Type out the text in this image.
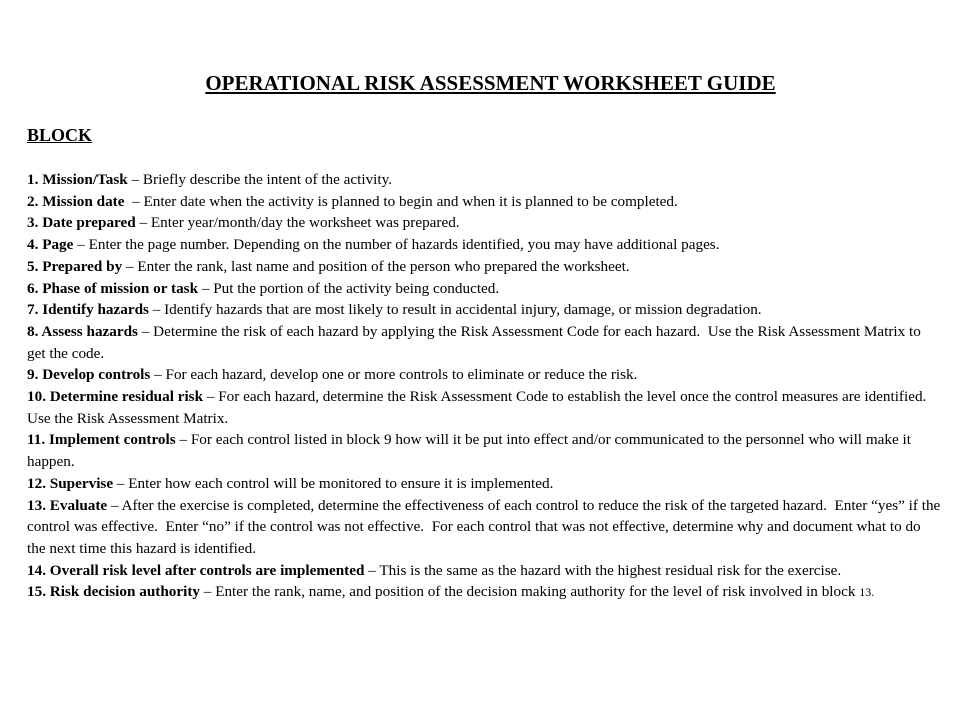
OPERATIONAL RISK ASSESSMENT WORKSHEET GUIDE
BLOCK

1. Mission/Task – Briefly describe the intent of the activity.

2. Mission date  – Enter date when the activity is planned to begin and when it is planned to be completed.

3. Date prepared – Enter year/month/day the worksheet was prepared.

4. Page – Enter the page number. Depending on the number of hazards identified, you may have additional pages.

5. Prepared by – Enter the rank, last name and position of the person who prepared the worksheet.

6. Phase of mission or task – Put the portion of the activity being conducted.

7. Identify hazards – Identify hazards that are most likely to result in accidental injury, damage, or mission degradation.

8. Assess hazards – Determine the risk of each hazard by applying the Risk Assessment Code for each hazard.  Use the Risk Assessment Matrix to get the code.

9. Develop controls – For each hazard, develop one or more controls to eliminate or reduce the risk.

10. Determine residual risk – For each hazard, determine the Risk Assessment Code to establish the level once the control measures are identified.  Use the Risk Assessment Matrix.

11. Implement controls – For each control listed in block 9 how will it be put into effect and/or communicated to the personnel who will make it happen.

12. Supervise – Enter how each control will be monitored to ensure it is implemented.

13. Evaluate – After the exercise is completed, determine the effectiveness of each control to reduce the risk of the targeted hazard.  Enter “yes” if the control was effective.  Enter “no” if the control was not effective.  For each control that was not effective, determine why and document what to do the next time this hazard is identified.

14. Overall risk level after controls are implemented – This is the same as the hazard with the highest residual risk for the exercise.

15. Risk decision authority – Enter the rank, name, and position of the decision making authority for the level of risk involved in block 13.
